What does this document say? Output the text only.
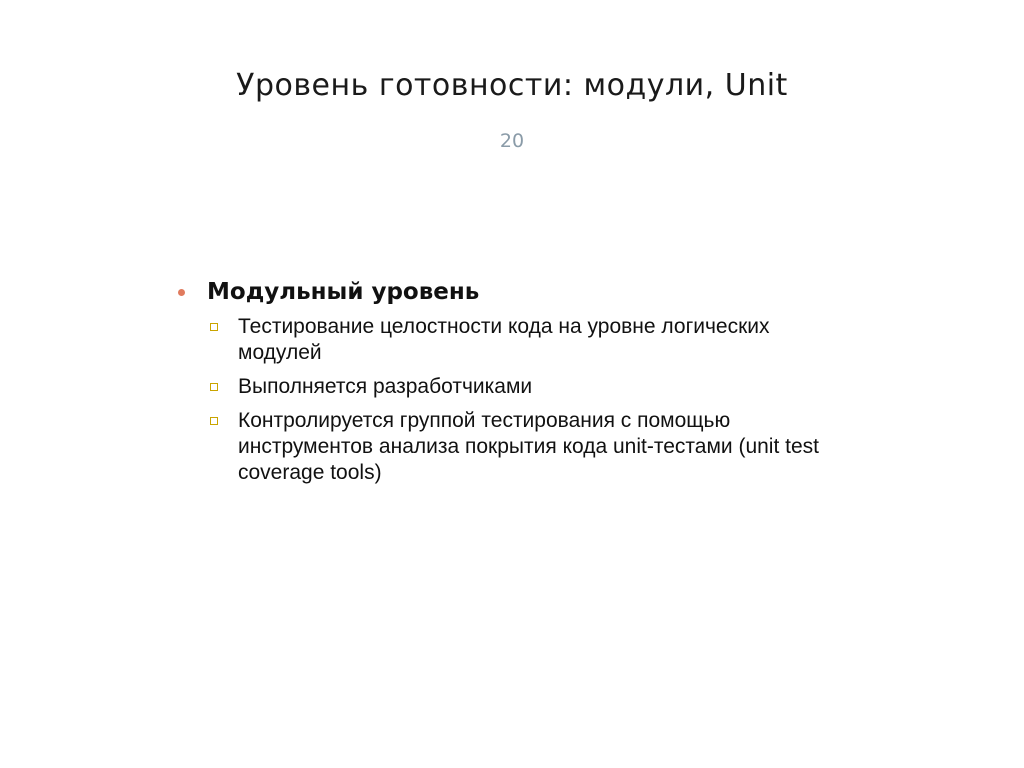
Уровень готовности: модули, Unit
20
Модульный уровень
Тестирование целостности кода на уровне логических модулей
Выполняется разработчиками
Контролируется группой тестирования с помощью инструментов анализа покрытия кода unit-тестами (unit test coverage tools)
